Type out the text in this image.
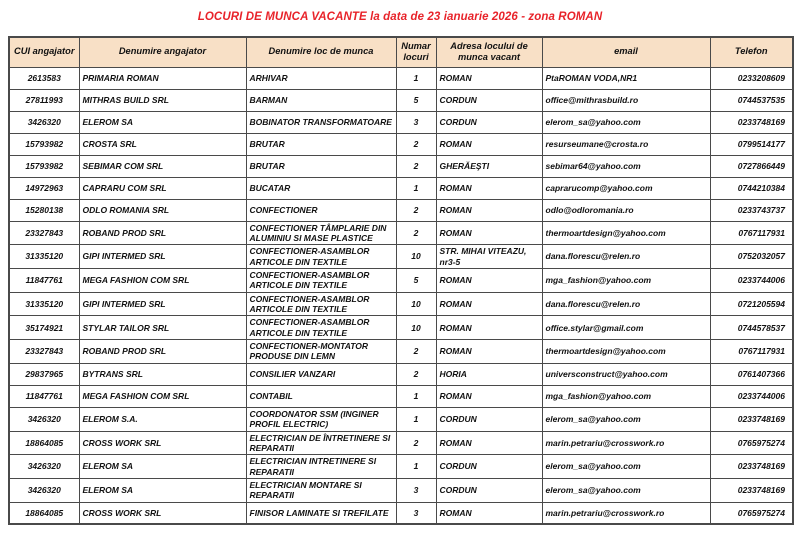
LOCURI DE MUNCA VACANTE la data de 23 ianuarie 2026 - zona ROMAN
CUI angajator	Denumire angajator	Denumire loc de munca	Numar locuri	Adresa locului de munca vacant	email	Telefon
2613583	PRIMARIA ROMAN	ARHIVAR	1	ROMAN	PtaROMAN VODA,NR1	0233208609
27811993	MITHRAS BUILD SRL	BARMAN	5	CORDUN	office@mithrasbuild.ro	0744537535
3426320	ELEROM SA	BOBINATOR TRANSFORMATOARE	3	CORDUN	elerom_sa@yahoo.com	0233748169
15793982	CROSTA SRL	BRUTAR	2	ROMAN	resurseumane@crosta.ro	0799514177
15793982	SEBIMAR COM SRL	BRUTAR	2	GHERĂEŞTI	sebimar64@yahoo.com	0727866449
14972963	CAPRARU COM SRL	BUCATAR	1	ROMAN	caprarucomp@yahoo.com	0744210384
15280138	ODLO ROMANIA SRL	CONFECTIONER	2	ROMAN	odlo@odloromania.ro	0233743737
23327843	ROBAND PROD SRL	CONFECTIONER TÂMPLARIE DIN ALUMINIU SI MASE PLASTICE	2	ROMAN	thermoartdesign@yahoo.com	0767117931
31335120	GIPI INTERMED SRL	CONFECTIONER-ASAMBLOR ARTICOLE DIN TEXTILE	10	STR. MIHAI VITEAZU, nr3-5	dana.florescu@relen.ro	0752032057
11847761	MEGA FASHION COM SRL	CONFECTIONER-ASAMBLOR ARTICOLE DIN TEXTILE	5	ROMAN	mga_fashion@yahoo.com	0233744006
31335120	GIPI INTERMED SRL	CONFECTIONER-ASAMBLOR ARTICOLE DIN TEXTILE	10	ROMAN	dana.florescu@relen.ro	0721205594
35174921	STYLAR TAILOR SRL	CONFECTIONER-ASAMBLOR ARTICOLE DIN TEXTILE	10	ROMAN	office.stylar@gmail.com	0744578537
23327843	ROBAND PROD SRL	CONFECTIONER-MONTATOR PRODUSE DIN LEMN	2	ROMAN	thermoartdesign@yahoo.com	0767117931
29837965	BYTRANS SRL	CONSILIER VANZARI	2	HORIA	universconstruct@yahoo.com	0761407366
11847761	MEGA FASHION COM SRL	CONTABIL	1	ROMAN	mga_fashion@yahoo.com	0233744006
3426320	ELEROM S.A.	COORDONATOR SSM (INGINER PROFIL ELECTRIC)	1	CORDUN	elerom_sa@yahoo.com	0233748169
18864085	CROSS WORK SRL	ELECTRICIAN DE ÎNTRETINERE SI REPARATII	2	ROMAN	marin.petrariu@crosswork.ro	0765975274
3426320	ELEROM SA	ELECTRICIAN INTRETINERE SI REPARATII	1	CORDUN	elerom_sa@yahoo.com	0233748169
3426320	ELEROM SA	ELECTRICIAN MONTARE SI REPARATII	3	CORDUN	elerom_sa@yahoo.com	0233748169
18864085	CROSS WORK SRL	FINISOR LAMINATE SI TREFILATE	3	ROMAN	marin.petrariu@crosswork.ro	0765975274
